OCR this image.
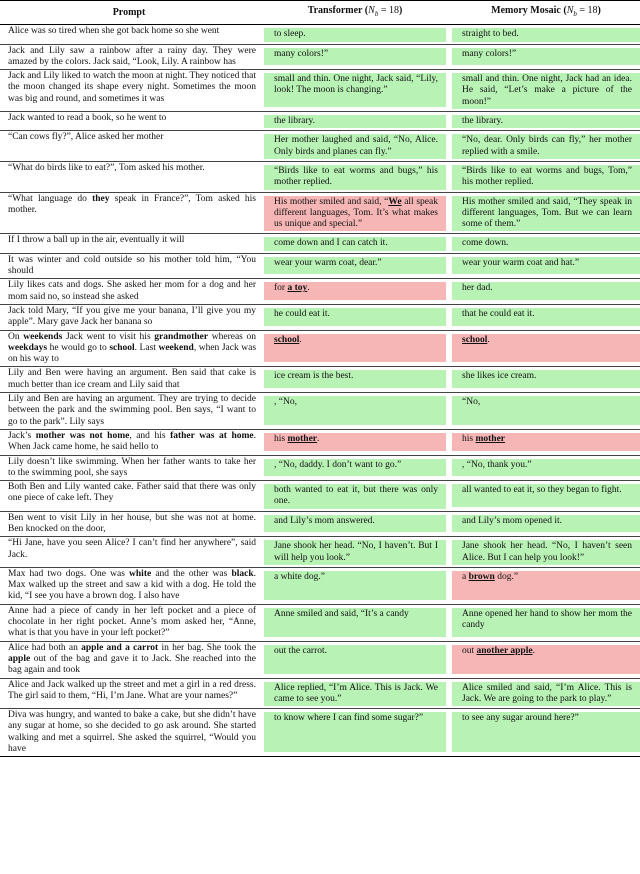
Prompt		Transformer $(N_b = 18)$		Memory Mosaic $(N_b = 18)$
Alice was so tired when she got back home so she went		to sleep.		straight to bed.

Jack and Lily saw a rainbow after a rainy day. They were amazed by the colors. Jack said, “Look, Lily. A rainbow has		many colors!”		many colors!”

Jack and Lily liked to watch the moon at night. They noticed that the moon changed its shape every night. Sometimes the moon was big and round, and sometimes it was		small and thin. One night, Jack said, “Lily, look! The moon is changing.”		small and thin. One night, Jack had an idea. He said, “Let’s make a picture of the moon!”

Jack wanted to read a book, so he went to		the library.		the library.

“Can cows fly?”, Alice asked her mother		Her mother laughed and said, “No, Alice. Only birds and planes can fly.”		“No, dear. Only birds can fly,” her mother replied with a smile.

“What do birds like to eat?”, Tom asked his mother.		“Birds like to eat worms and bugs,” his mother replied.		“Birds like to eat worms and bugs, Tom,” his mother replied.

“What language do they speak in France?”, Tom asked his mother.		His mother smiled and said, “We all speak different languages, Tom. It’s what makes us unique and special.”		His mother smiled and said, “They speak in different languages, Tom. But we can learn some of them.”

If I throw a ball up in the air, eventually it will		come down and I can catch it.		come down.

It was winter and cold outside so his mother told him, “You should		wear your warm coat, dear.”		wear your warm coat and hat.”

Lily likes cats and dogs. She asked her mom for a dog and her mom said no, so instead she asked		for a toy.		her dad.

Jack told Mary, “If you give me your banana, I’ll give you my apple”. Mary gave Jack her banana so		he could eat it.		that he could eat it.

On weekends Jack went to visit his grandmother whereas on weekdays he would go to school. Last weekend, when Jack was on his way to		school.		school.

Lily and Ben were having an argument. Ben said that cake is much better than ice cream and Lily said that		ice cream is the best.		she likes ice cream.

Lily and Ben are having an argument. They are trying to decide between the park and the swimming pool. Ben says, “I want to go to the park”. Lily says		, “No,		“No,

Jack’s mother was not home, and his father was at home. When Jack came home, he said hello to		his mother.		his mother

Lily doesn’t like swimming. When her father wants to take her to the swimming pool, she says		, “No, daddy. I don’t want to go.”		, “No, thank you.”

Both Ben and Lily wanted cake. Father said that there was only one piece of cake left. They		both wanted to eat it, but there was only one.		all wanted to eat it, so they began to fight.

Ben went to visit Lily in her house, but she was not at home. Ben knocked on the door,		and Lily’s mom answered.		and Lily’s mom opened it.

“Hi Jane, have you seen Alice? I can’t find her anywhere”, said Jack.		Jane shook her head. “No, I haven’t. But I will help you look.”		Jane shook her head. “No, I haven’t seen Alice. But I can help you look!”

Max had two dogs. One was white and the other was black. Max walked up the street and saw a kid with a dog. He told the kid, “I see you have a brown dog. I also have		a white dog.”		a brown dog.”

Anne had a piece of candy in her left pocket and a piece of chocolate in her right pocket. Anne’s mom asked her, “Anne, what is that you have in your left pocket?”		Anne smiled and said, “It’s a candy		Anne opened her hand to show her mom the candy

Alice had both an apple and a carrot in her bag. She took the apple out of the bag and gave it to Jack. She reached into the bag again and took		out the carrot.		out another apple.

Alice and Jack walked up the street and met a girl in a red dress. The girl said to them, “Hi, I’m Jane. What are your names?”		Alice replied, “I’m Alice. This is Jack. We came to see you.”		Alice smiled and said, “I’m Alice. This is Jack. We are going to the park to play.”

Diva was hungry, and wanted to bake a cake, but she didn’t have any sugar at home, so she decided to go ask around. She started walking and met a squirrel. She asked the squirrel, “Would you have		to know where I can find some sugar?”		to see any sugar around here?”
